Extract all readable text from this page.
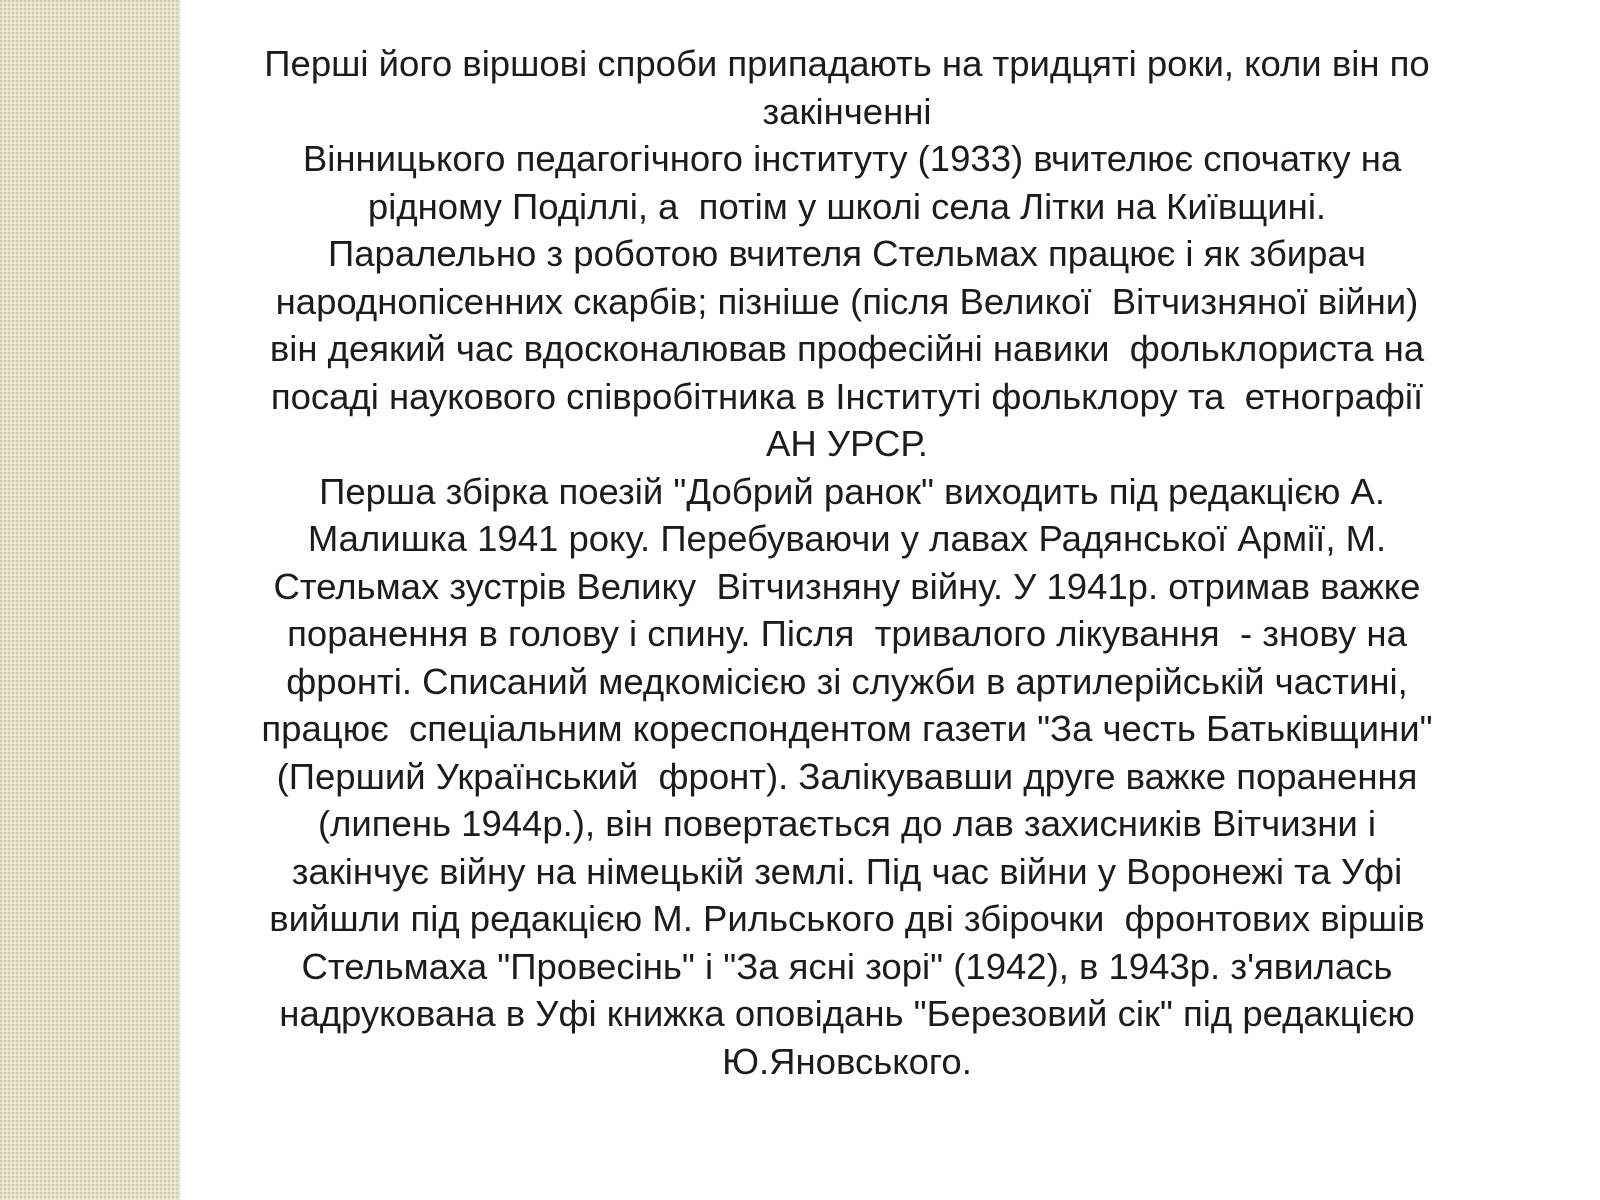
Перші його віршові спроби припадають на тридцяті роки, коли він по
закінченні
Вінницького педагогічного інституту (1933) вчителює спочатку на
рідному Поділлі, а  потім у школі села Літки на Київщині.
Паралельно з роботою вчителя Стельмах працює і як збирач
народнопісенних скарбів; пізніше (після Великої  Вітчизняної війни)
він деякий час вдосконалював професійні навики  фольклориста на
посаді наукового співробітника в Інституті фольклору та  етнографії
АН УРСР.
Перша збірка поезій "Добрий ранок" виходить під редакцією А.
Малишка 1941 року. Перебуваючи у лавах Радянської Армії, М.
Стельмах зустрів Велику  Вітчизняну війну. У 1941р. отримав важке
поранення в голову і спину. Після  тривалого лікування  - знову на
фронті. Списаний медкомісією зі служби в артилерійській частині,
працює  спеціальним кореспондентом газети "За честь Батьківщини"
(Перший Український  фронт). Залікувавши друге важке поранення
(липень 1944р.), він повертається до лав захисників Вітчизни і
закінчує війну на німецькій землі. Під час війни у Воронежі та Уфі
вийшли під редакцією М. Рильського дві збірочки  фронтових віршів
Стельмаха "Провесінь" і "За ясні зорі" (1942), в 1943р. з'явилась
надрукована в Уфі книжка оповідань "Березовий сік" під редакцією
Ю.Яновського.
